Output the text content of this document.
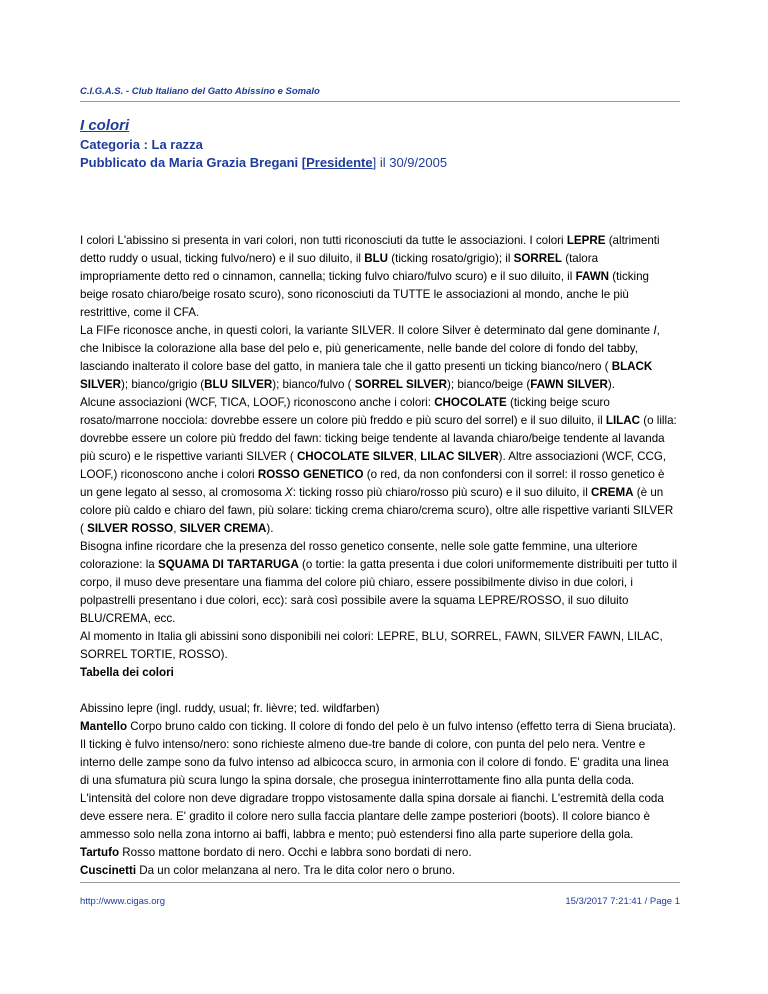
C.I.G.A.S. - Club Italiano del Gatto Abissino e Somalo
I colori
Categoria : La razza
Pubblicato da Maria Grazia Bregani [Presidente] il 30/9/2005

I colori L'abissino si presenta in vari colori, non tutti riconosciuti da tutte le associazioni. I colori LEPRE (altrimenti detto ruddy o usual, ticking fulvo/nero) e il suo diluito, il BLU (ticking rosato/grigio); il SORREL (talora impropriamente detto red o cinnamon, cannella; ticking fulvo chiaro/fulvo scuro) e il suo diluito, il FAWN (ticking beige rosato chiaro/beige rosato scuro), sono riconosciuti da TUTTE le associazioni al mondo, anche le più restrittive, come il CFA.

La FIFe riconosce anche, in questi colori, la variante SILVER. Il colore Silver è determinato dal gene dominante I, che Inibisce la colorazione alla base del pelo e, più genericamente, nelle bande del colore di fondo del tabby, lasciando inalterato il colore base del gatto, in maniera tale che il gatto presenti un ticking bianco/nero ( BLACK SILVER); bianco/grigio (BLU SILVER); bianco/fulvo ( SORREL SILVER); bianco/beige (FAWN SILVER).

Alcune associazioni (WCF, TICA, LOOF,) riconoscono anche i colori: CHOCOLATE (ticking beige scuro rosato/marrone nocciola: dovrebbe essere un colore più freddo e più scuro del sorrel) e il suo diluito, il LILAC (o lilla: dovrebbe essere un colore più freddo del fawn: ticking beige tendente al lavanda chiaro/beige tendente al lavanda più scuro) e le rispettive varianti SILVER ( CHOCOLATE SILVER, LILAC SILVER). Altre associazioni (WCF, CCG, LOOF,) riconoscono anche i colori ROSSO GENETICO (o red, da non confondersi con il sorrel: il rosso genetico è un gene legato al sesso, al cromosoma X: ticking rosso più chiaro/rosso più scuro) e il suo diluito, il CREMA (è un colore più caldo e chiaro del fawn, più solare: ticking crema chiaro/crema scuro), oltre alle rispettive varianti SILVER ( SILVER ROSSO, SILVER CREMA).

Bisogna infine ricordare che la presenza del rosso genetico consente, nelle sole gatte femmine, una ulteriore colorazione: la SQUAMA DI TARTARUGA (o tortie: la gatta presenta i due colori uniformemente distribuiti per tutto il corpo, il muso deve presentare una fiamma del colore più chiaro, essere possibilmente diviso in due colori, i polpastrelli presentano i due colori, ecc): sarà così possibile avere la squama LEPRE/ROSSO, il suo diluito BLU/CREMA, ecc.

Al momento in Italia gli abissini sono disponibili nei colori: LEPRE, BLU, SORREL, FAWN, SILVER FAWN, LILAC, SORREL TORTIE, ROSSO).

Tabella dei colori

Abissino lepre (ingl. ruddy, usual; fr. lièvre; ted. wildfarben)

Mantello Corpo bruno caldo con ticking. Il colore di fondo del pelo è un fulvo intenso (effetto terra di Siena bruciata). Il ticking è fulvo intenso/nero: sono richieste almeno due-tre bande di colore, con punta del pelo nera. Ventre e interno delle zampe sono da fulvo intenso ad albicocca scuro, in armonia con il colore di fondo. E' gradita una linea di una sfumatura più scura lungo la spina dorsale, che prosegua ininterrottamente fino alla punta della coda. L'intensità del colore non deve digradare troppo vistosamente dalla spina dorsale ai fianchi. L'estremità della coda deve essere nera. E' gradito il colore nero sulla faccia plantare delle zampe posteriori (boots). Il colore bianco è ammesso solo nella zona intorno ai baffi, labbra e mento; può estendersi fino alla parte superiore della gola.

Tartufo Rosso mattone bordato di nero. Occhi e labbra sono bordati di nero.

Cuscinetti Da un color melanzana al nero. Tra le dita color nero o bruno.

http://www.cigas.org	15/3/2017 7:21:41 / Page 1
